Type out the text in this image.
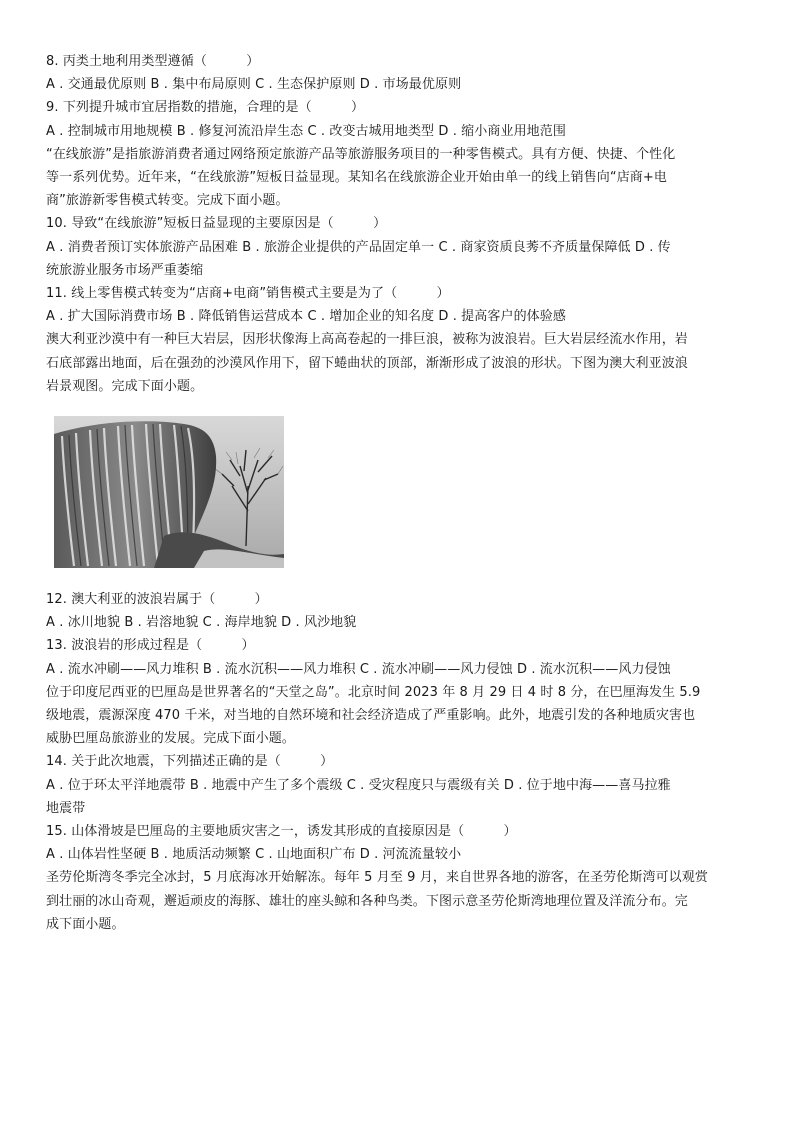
8. 丙类土地利用类型遵循（　　　）
A . 交通最优原则 B . 集中布局原则 C . 生态保护原则 D . 市场最优原则
9. 下列提升城市宜居指数的措施，合理的是（　　　）
A . 控制城市用地规模 B . 修复河流沿岸生态 C . 改变古城用地类型 D . 缩小商业用地范围
“在线旅游”是指旅游消费者通过网络预定旅游产品等旅游服务项目的一种零售模式。具有方便、快捷、个性化
等一系列优势。近年来，“在线旅游”短板日益显现。某知名在线旅游企业开始由单一的线上销售向“店商+电
商”旅游新零售模式转变。完成下面小题。
10. 导致“在线旅游”短板日益显现的主要原因是（　　　）
A . 消费者预订实体旅游产品困难 B . 旅游企业提供的产品固定单一 C . 商家资质良莠不齐质量保障低 D . 传
统旅游业服务市场严重萎缩
11. 线上零售模式转变为“店商+电商”销售模式主要是为了（　　　）
A . 扩大国际消费市场 B . 降低销售运营成本 C . 增加企业的知名度 D . 提高客户的体验感
澳大利亚沙漠中有一种巨大岩层，因形状像海上高高卷起的一排巨浪，被称为波浪岩。巨大岩层经流水作用，岩
石底部露出地面，后在强劲的沙漠风作用下，留下蜷曲状的顶部，渐渐形成了波浪的形状。下图为澳大利亚波浪
岩景观图。完成下面小题。
12. 澳大利亚的波浪岩属于（　　　）
A . 冰川地貌 B . 岩溶地貌 C . 海岸地貌 D . 风沙地貌
13. 波浪岩的形成过程是（　　　）
A . 流水冲刷——风力堆积 B . 流水沉积——风力堆积 C . 流水冲刷——风力侵蚀 D . 流水沉积——风力侵蚀
位于印度尼西亚的巴厘岛是世界著名的“天堂之岛”。北京时间 2023 年 8 月 29 日 4 时 8 分，在巴厘海发生 5.9
级地震，震源深度 470 千米，对当地的自然环境和社会经济造成了严重影响。此外，地震引发的各种地质灾害也
威胁巴厘岛旅游业的发展。完成下面小题。
14. 关于此次地震，下列描述正确的是（　　　）
A . 位于环太平洋地震带 B . 地震中产生了多个震级 C . 受灾程度只与震级有关 D . 位于地中海——喜马拉雅
地震带
15. 山体滑坡是巴厘岛的主要地质灾害之一，诱发其形成的直接原因是（　　　）
A . 山体岩性坚硬 B . 地质活动频繁 C . 山地面积广布 D . 河流流量较小
圣劳伦斯湾冬季完全冰封，5 月底海冰开始解冻。每年 5 月至 9 月，来自世界各地的游客，在圣劳伦斯湾可以观赏
到壮丽的冰山奇观，邂逅顽皮的海豚、雄壮的座头鲸和各种鸟类。下图示意圣劳伦斯湾地理位置及洋流分布。完
成下面小题。
